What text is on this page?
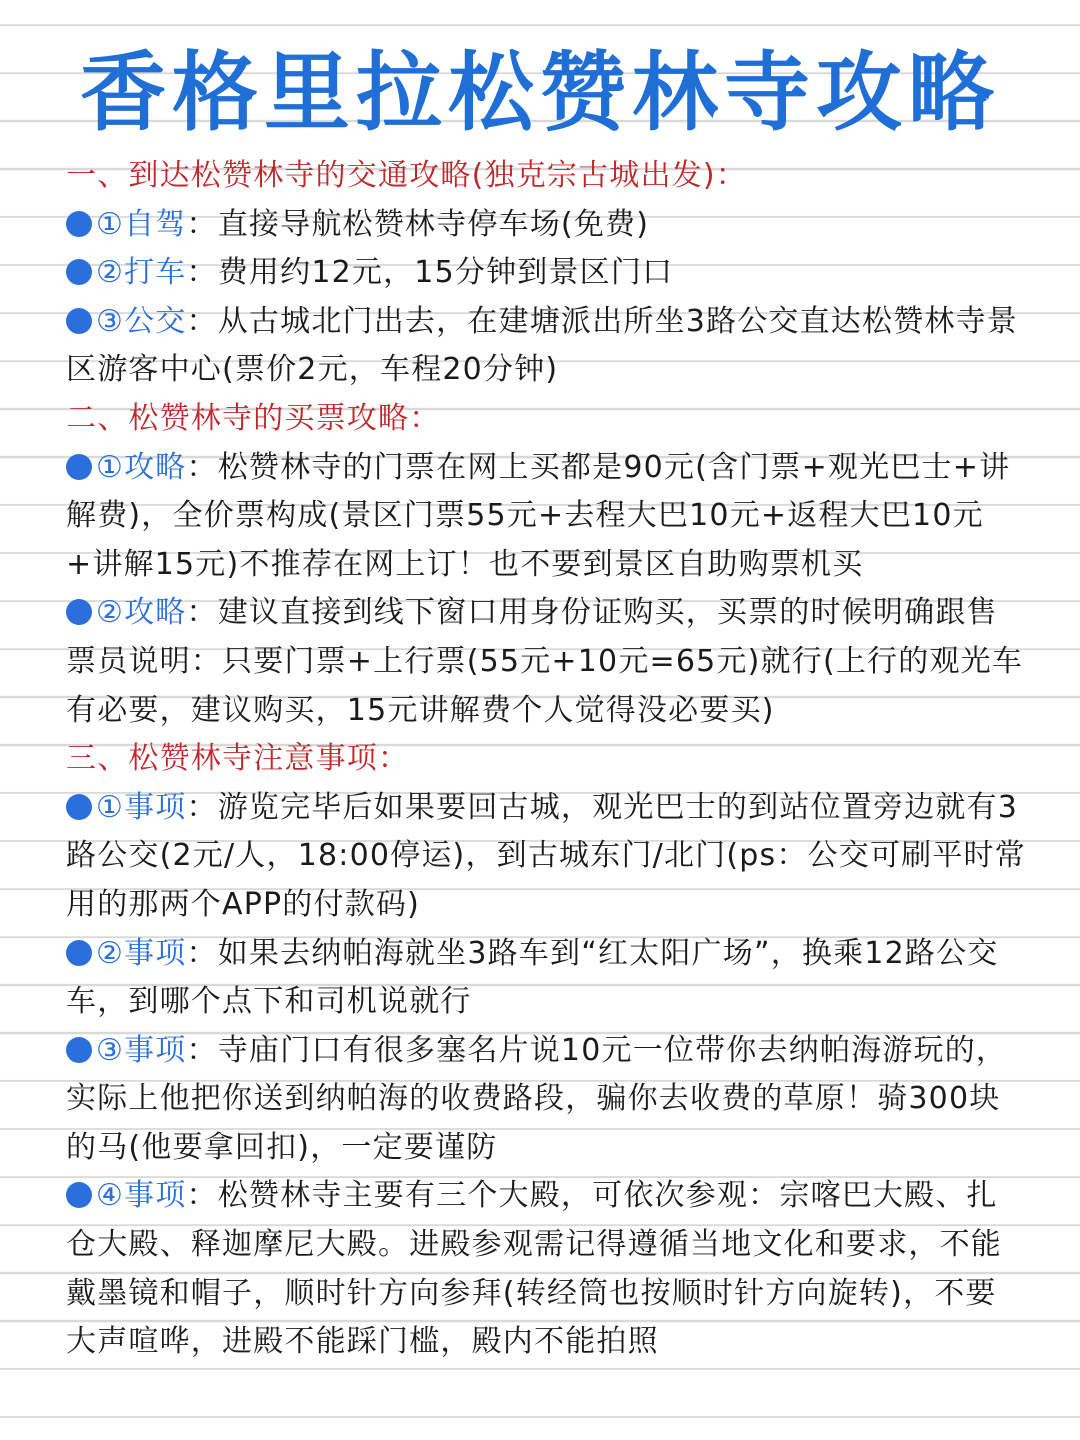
香格里拉松赞林寺攻略

一、到达松赞林寺的交通攻略(独克宗古城出发)：

①自驾：直接导航松赞林寺停车场(免费)

②打车：费用约12元，15分钟到景区门口

③公交：从古城北门出去，在建塘派出所坐3路公交直达松赞林寺景区游客中心(票价2元，车程20分钟)

二、松赞林寺的买票攻略：

①攻略：松赞林寺的门票在网上买都是90元(含门票+观光巴士+讲解费)，全价票构成(景区门票55元+去程大巴10元+返程大巴10元+讲解15元)不推荐在网上订！也不要到景区自助购票机买

②攻略：建议直接到线下窗口用身份证购买，买票的时候明确跟售票员说明：只要门票+上行票(55元+10元=65元)就行(上行的观光车有必要，建议购买，15元讲解费个人觉得没必要买)

三、松赞林寺注意事项：

①事项：游览完毕后如果要回古城，观光巴士的到站位置旁边就有3路公交(2元/人，18:00停运)，到古城东门/北门(ps：公交可刷平时常用的那两个APP的付款码)

②事项：如果去纳帕海就坐3路车到“红太阳广场”，换乘12路公交车，到哪个点下和司机说就行

③事项：寺庙门口有很多塞名片说10元一位带你去纳帕海游玩的，实际上他把你送到纳帕海的收费路段，骗你去收费的草原！骑300块的马(他要拿回扣)，一定要谨防

④事项：松赞林寺主要有三个大殿，可依次参观：宗喀巴大殿、扎仓大殿、释迦摩尼大殿。进殿参观需记得遵循当地文化和要求，不能戴墨镜和帽子，顺时针方向参拜(转经筒也按顺时针方向旋转)，不要大声喧哗，进殿不能踩门槛，殿内不能拍照
